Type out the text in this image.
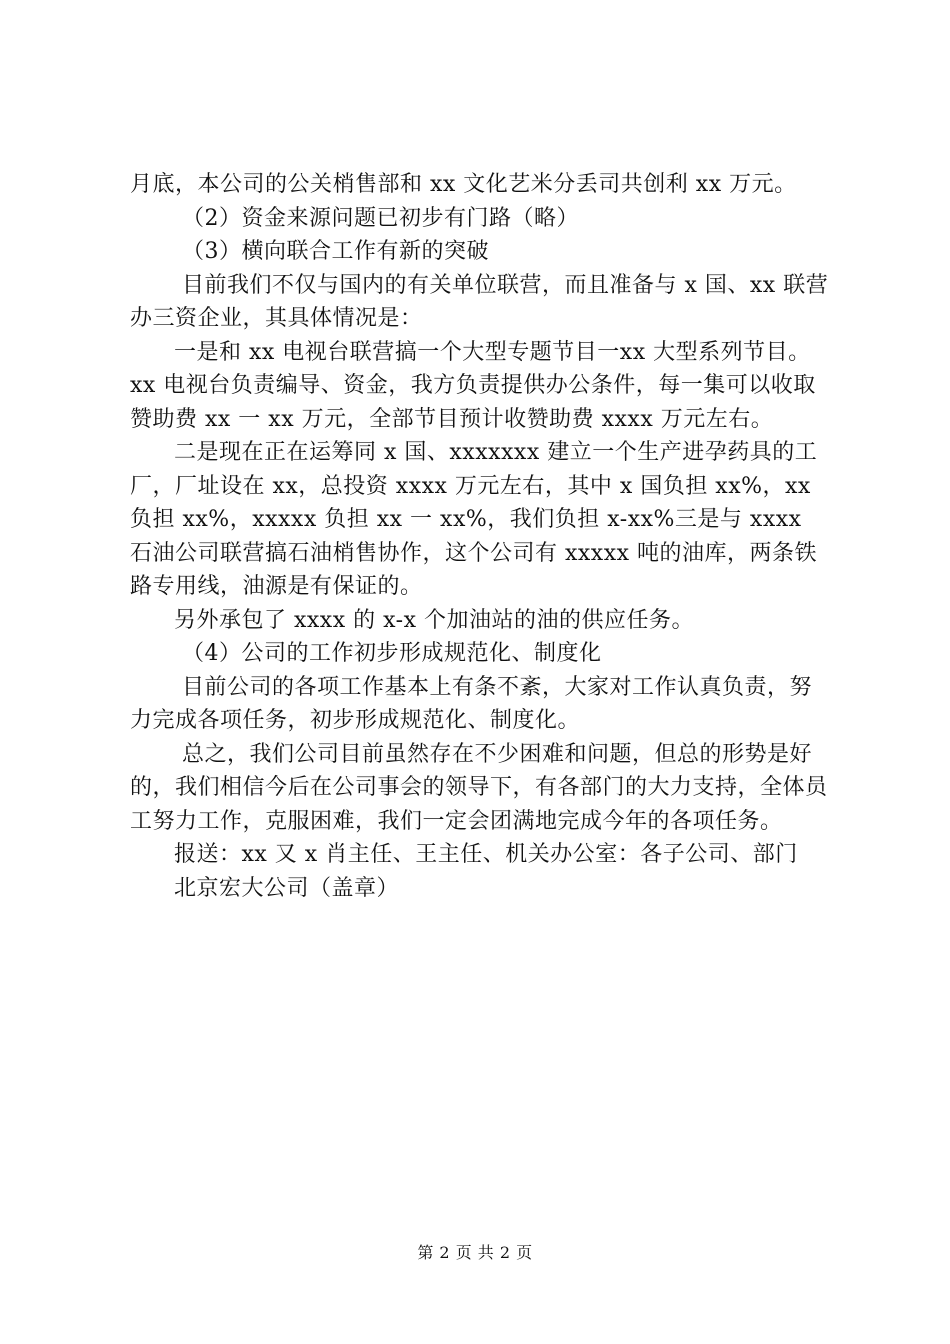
月底，本公司的公关梢售部和 xx 文化艺米分丢司共创利 xx 万元。

（2）资金来源问题已初步有门路（略）

（3）横向联合工作有新的突破

目前我们不仅与国内的有关单位联营，而且准备与 x 国、xx 联营办三资企业，其具体情况是：

一是和 xx 电视台联营搞一个大型专题节目一xx 大型系列节目。xx 电视台负责编导、资金，我方负责提供办公条件，每一集可以收取赞助费 xx 一 xx 万元，全部节目预计收赞助费 xxxx 万元左右。

二是现在正在运筹同 x 国、xxxxxxx 建立一个生产进孕药具的工厂，厂址设在 xx，总投资 xxxx 万元左右，其中 x 国负担 xx%，xx 负担 xx%，xxxxx 负担 xx 一 xx%，我们负担 x-xx%三是与 xxxx 石油公司联营搞石油梢售协作，这个公司有 xxxxx 吨的油库，两条铁路专用线，油源是有保证的。

另外承包了 xxxx 的 x-x 个加油站的油的供应任务。

（4）公司的工作初步形成规范化、制度化

目前公司的各项工作基本上有条不紊，大家对工作认真负责，努力完成各项任务，初步形成规范化、制度化。

总之，我们公司目前虽然存在不少困难和问题，但总的形势是好的，我们相信今后在公司事会的领导下，有各部门的大力支持，全体员工努力工作，克服困难，我们一定会团满地完成今年的各项任务。

报送：xx 又 x 肖主任、王主任、机关办公室：各子公司、部门

北京宏大公司（盖章）

第 2 页 共 2 页
